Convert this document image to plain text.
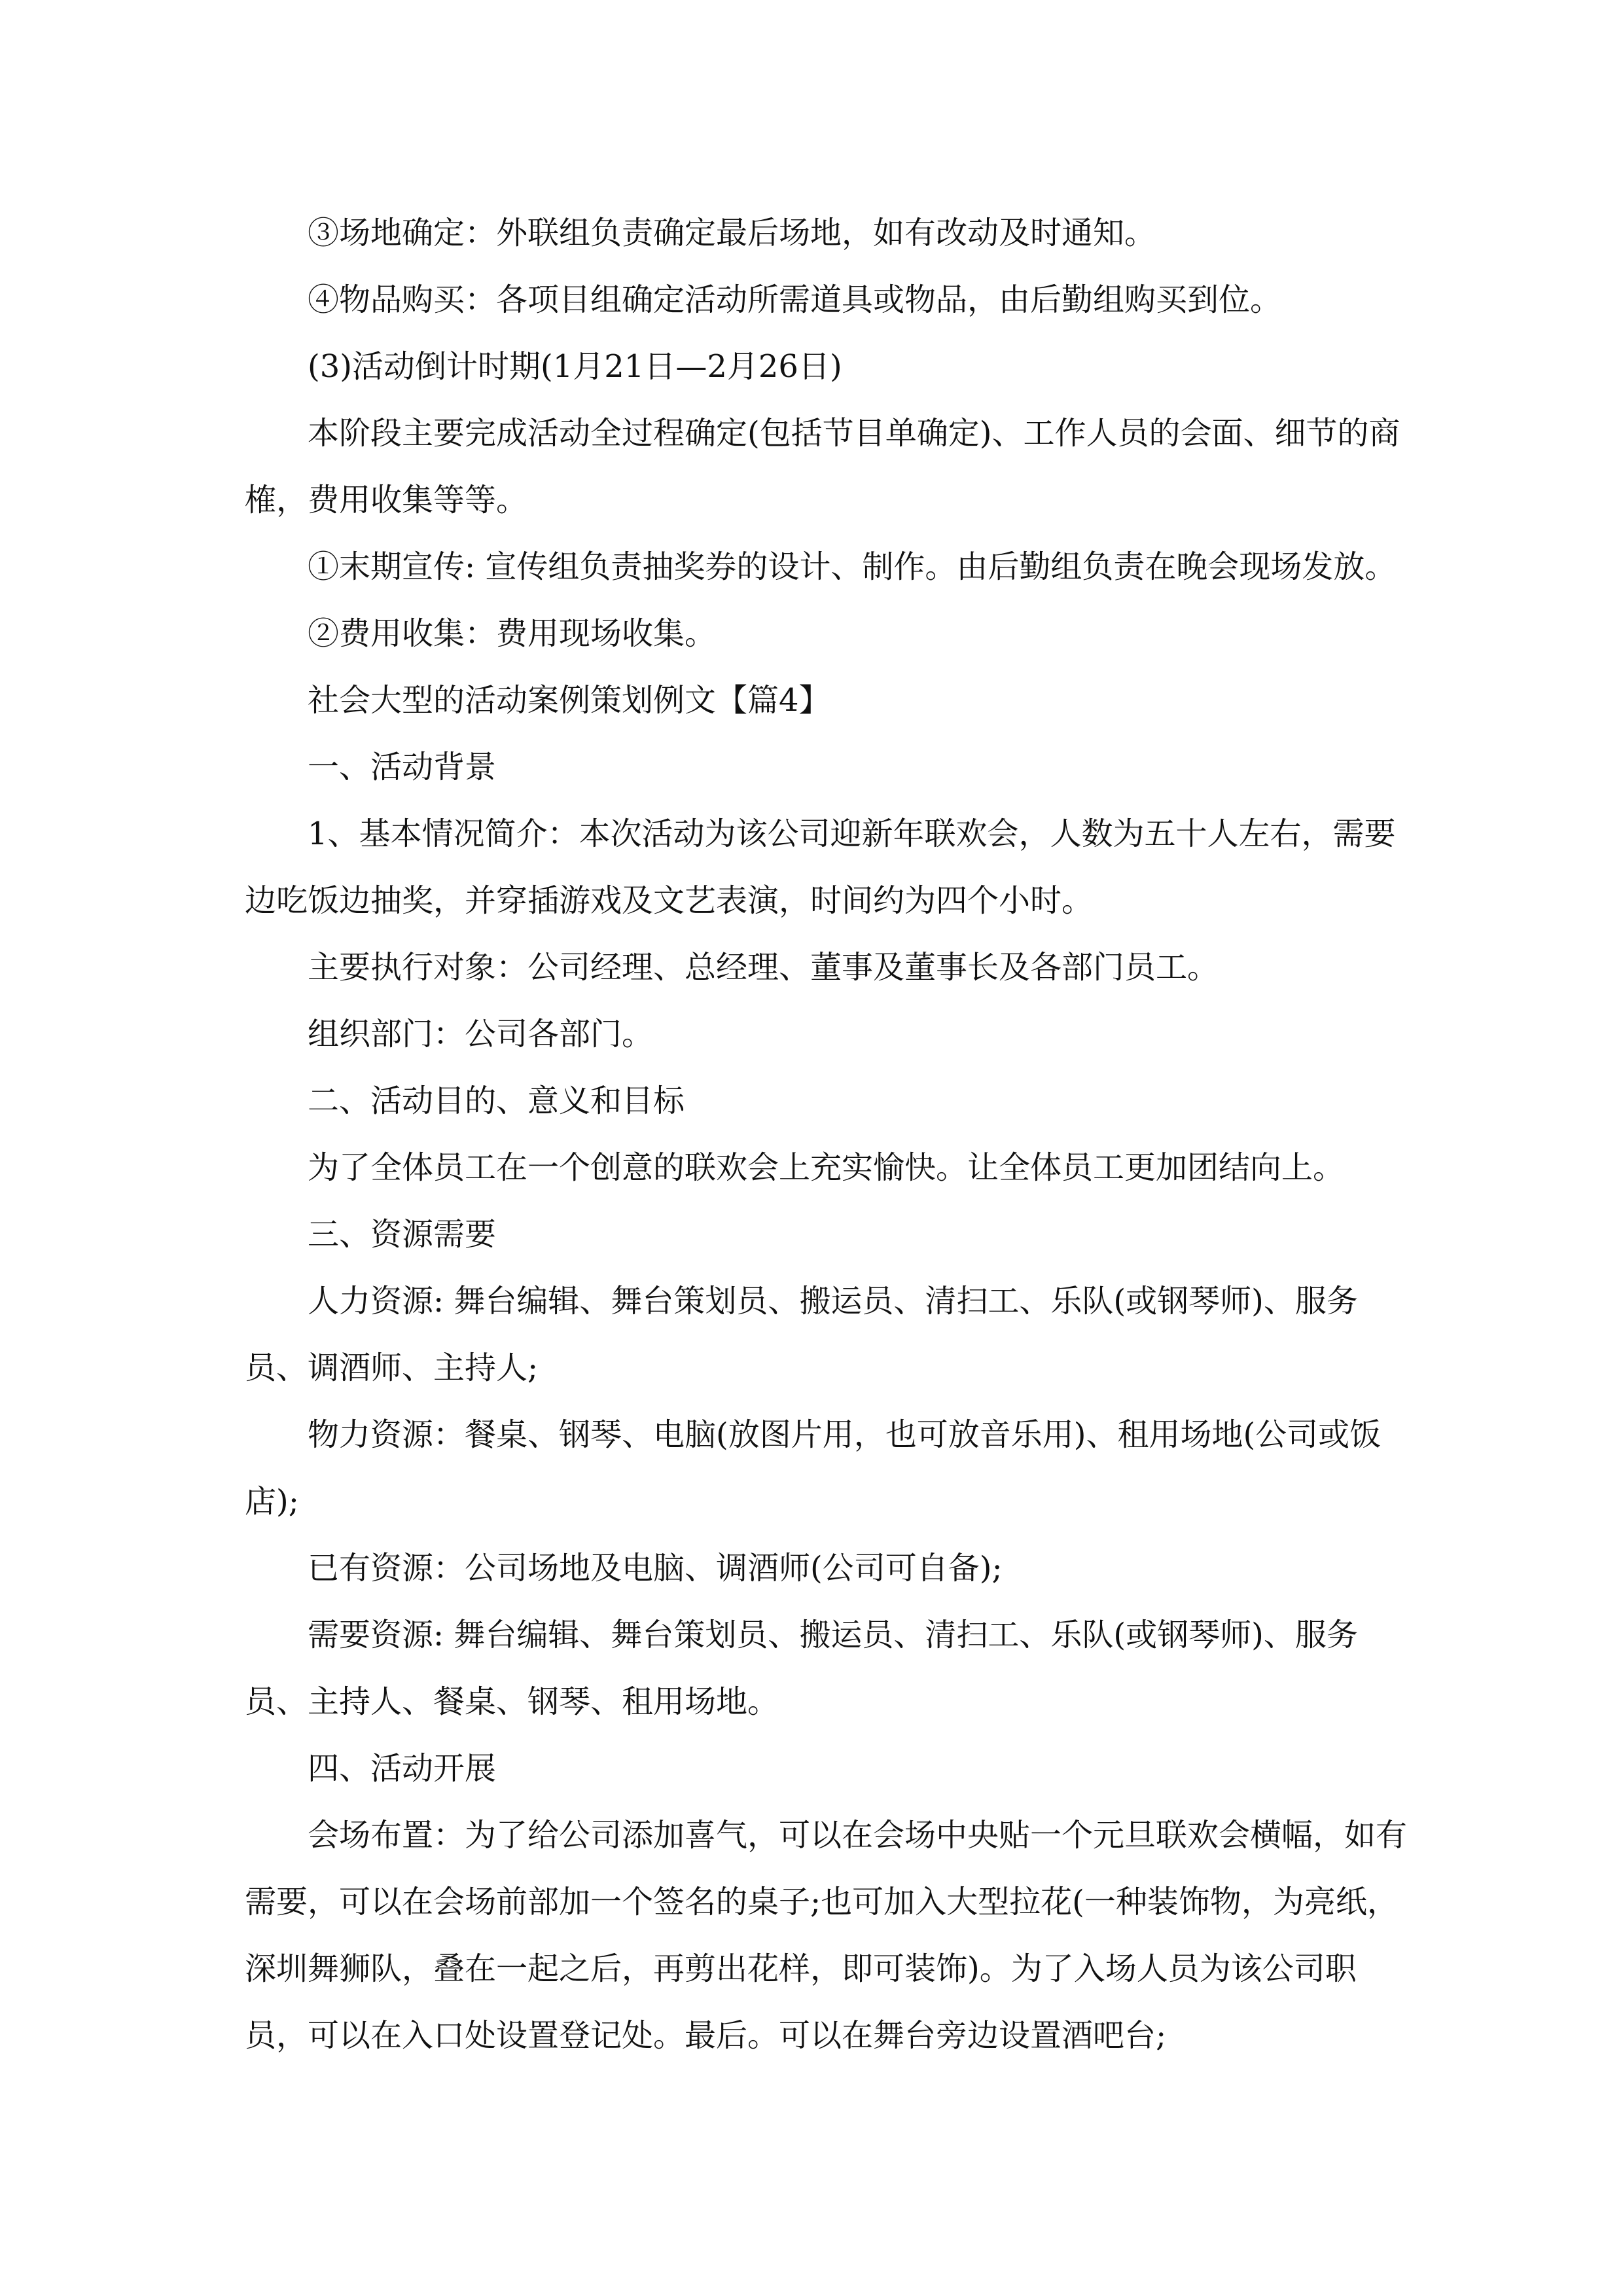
③场地确定：外联组负责确定最后场地，如有改动及时通知。

④物品购买：各项目组确定活动所需道具或物品，由后勤组购买到位。

(3)活动倒计时期(1月21日—2月26日)

本阶段主要完成活动全过程确定(包括节目单确定)、工作人员的会面、细节的商榷，费用收集等等。

①末期宣传: 宣传组负责抽奖券的设计、制作。由后勤组负责在晚会现场发放。

②费用收集：费用现场收集。

社会大型的活动案例策划例文【篇4】

一、活动背景

1、基本情况简介：本次活动为该公司迎新年联欢会，人数为五十人左右，需要边吃饭边抽奖，并穿插游戏及文艺表演，时间约为四个小时。

主要执行对象：公司经理、总经理、董事及董事长及各部门员工。

组织部门：公司各部门。

二、活动目的、意义和目标

为了全体员工在一个创意的联欢会上充实愉快。让全体员工更加团结向上。

三、资源需要

人力资源: 舞台编辑、舞台策划员、搬运员、清扫工、乐队(或钢琴师)、服务员、调酒师、主持人;

物力资源：餐桌、钢琴、电脑(放图片用，也可放音乐用)、租用场地(公司或饭店);

已有资源：公司场地及电脑、调酒师(公司可自备);

需要资源: 舞台编辑、舞台策划员、搬运员、清扫工、乐队(或钢琴师)、服务员、主持人、餐桌、钢琴、租用场地。

四、活动开展

会场布置：为了给公司添加喜气，可以在会场中央贴一个元旦联欢会横幅，如有需要，可以在会场前部加一个签名的桌子;也可加入大型拉花(一种装饰物，为亮纸，深圳舞狮队，叠在一起之后，再剪出花样，即可装饰)。为了入场人员为该公司职员，可以在入口处设置登记处。最后。可以在舞台旁边设置酒吧台;
